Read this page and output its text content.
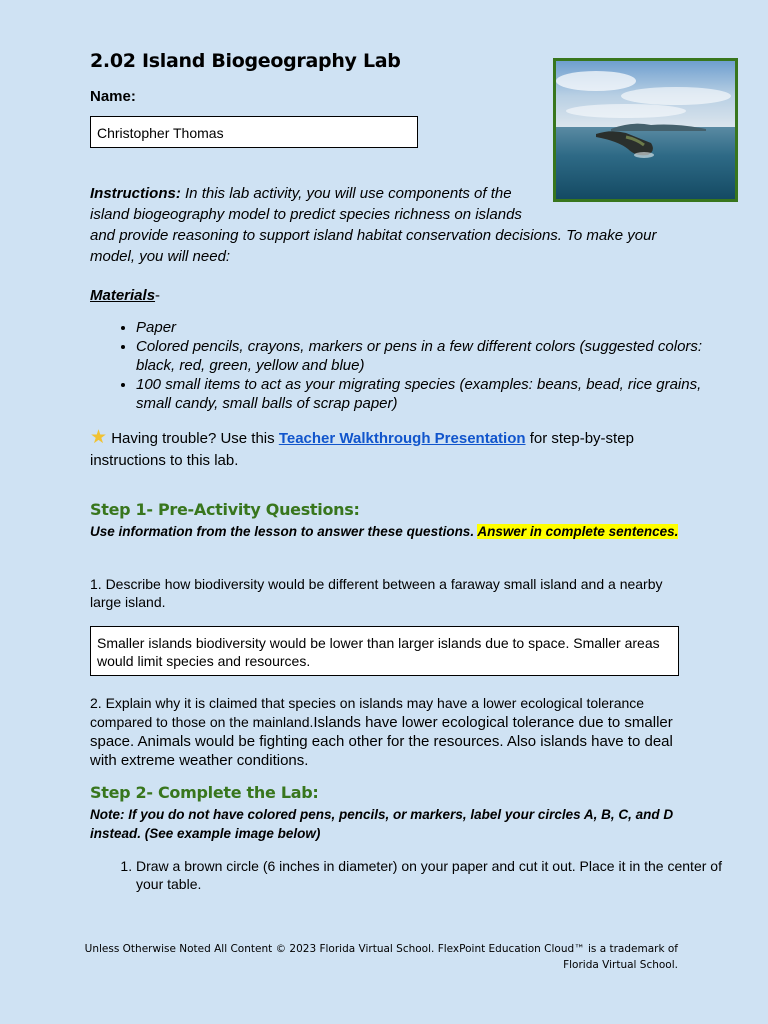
2.02 Island Biogeography Lab
Name:
Christopher Thomas
Instructions: In this lab activity, you will use components of the island biogeography model to predict species richness on islands
and provide reasoning to support island habitat conservation decisions. To make your model, you will need:
Materials-
• Paper
• Colored pencils, crayons, markers or pens in a few different colors (suggested colors: black, red, green, yellow and blue)
• 100 small items to act as your migrating species (examples: beans, bead, rice grains, small candy, small balls of scrap paper)
★ Having trouble? Use this Teacher Walkthrough Presentation for step-by-step instructions to this lab.
Step 1- Pre-Activity Questions:
Use information from the lesson to answer these questions. Answer in complete sentences.
1. Describe how biodiversity would be different between a faraway small island and a nearby large island.
Smaller islands biodiversity would be lower than larger islands due to space. Smaller areas would limit species and resources.
2. Explain why it is claimed that species on islands may have a lower ecological tolerance compared to those on the mainland.Islands have lower ecological tolerance due to smaller space. Animals would be fighting each other for the resources. Also islands have to deal with extreme weather conditions.
Step 2- Complete the Lab:
Note: If you do not have colored pens, pencils, or markers, label your circles A, B, C, and D instead. (See example image below)
1. Draw a brown circle (6 inches in diameter) on your paper and cut it out. Place it in the center of your table.
Unless Otherwise Noted All Content © 2023 Florida Virtual School. FlexPoint Education Cloud™ is a trademark of Florida Virtual School.
